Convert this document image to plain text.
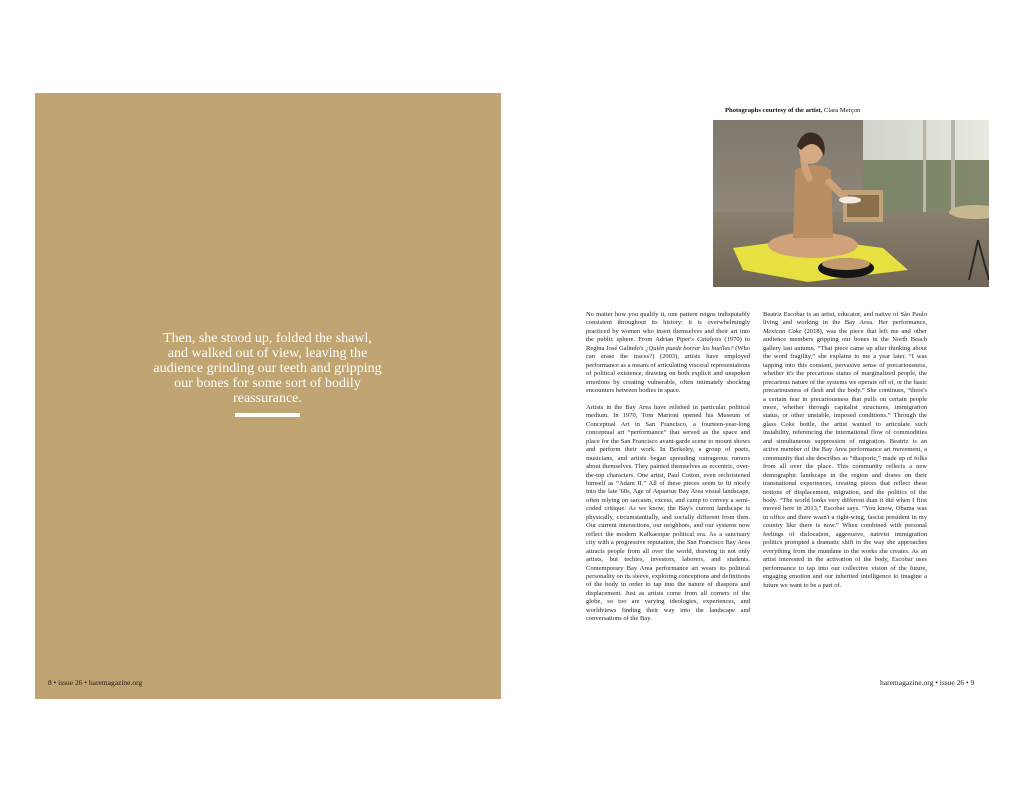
Then, she stood up, folded the shawl,
and walked out of view, leaving the
audience grinding our teeth and gripping
our bones for some sort of bodily
reassurance.
8 • issue 26 • haremagazine.org
Photographs courtesy of the artist, Clara Merçon

No matter how you qualify it, one pattern reigns indisputably consistent throughout its history: it is overwhelmingly practiced by women who insert themselves and their art into the public sphere. From Adrian Piper's Catalysis (1970) to Regina José Galindo's ¿Quién puede borrar las huellas? (Who can erase the traces?) (2003), artists have employed performance as a means of articulating visceral representations of political existence, drawing on both explicit and unspoken emotions by creating vulnerable, often intimately shocking encounters between bodies in space.

Artists in the Bay Area have relished in particular political medium. In 1970, Tom Marioni opened his Museum of Conceptual Art in San Francisco, a fourteen-year-long conceptual art “performance” that served as the space and place for the San Francisco avant-garde scene to mount shows and perform their work. In Berkeley, a group of poets, musicians, and artists began spreading outrageous rumors about themselves. They painted themselves as eccentric, over-the-top characters. One artist, Paul Cotton, even rechristened himself as “Adam II.” All of these pieces seem to fit nicely into the late '60s, Age of Aquarius Bay Area visual landscape, often relying on sarcasm, excess, and camp to convey a semi-coded critique. As we know, the Bay's current landscape is physically, circumstantially, and socially different from then. Our current interactions, our neighbors, and our systems now reflect the modern Kafkaesque political era. As a sanctuary city with a progressive reputation, the San Francisco Bay Area attracts people from all over the world, drawing in not only artists, but techies, investors, laborers, and students. Contemporary Bay Area performance art wears its political personality on its sleeve, exploring conceptions and definitions of the body in order to tap into the nature of diaspora and displacement. Just as artists come from all corners of the globe, so too are varying ideologies, experiences, and worldviews finding their way into the landscape and conversations of the Bay.

Beatriz Escobar is an artist, educator, and native of São Paulo living and working in the Bay Area. Her performance, Mexican Coke (2018), was the piece that left me and other audience members gripping our bones in the North Beach gallery last autumn. “That piece came up after thinking about the word fragility,” she explains to me a year later. “I was tapping into this constant, pervasive sense of precariousness, whether it's the precarious status of marginalized people, the precarious nature of the systems we operate off of, or the basic precariousness of flesh and the body.” She continues, “there's a certain fear in precariousness that pulls on certain people more, whether through capitalist structures, immigration status, or other unstable, imposed conditions.” Through the glass Coke bottle, the artist wanted to articulate such instability, referencing the international flow of commodities and simultaneous suppression of migration. Beatriz is an active member of the Bay Area performance art movement, a community that she describes as “diasporic,” made up of folks from all over the place. This community reflects a new demographic landscape in the region and draws on their transnational experiences, creating pieces that reflect these notions of displacement, migration, and the politics of the body. “The world looks very different than it did when I first moved here in 2013,” Escobar says. “You know, Obama was in office and there wasn't a right-wing, fascist president in my country like there is now.” When combined with personal feelings of dislocation, aggressive, nativist immigration politics prompted a dramatic shift in the way she approaches everything from the mundane to the works she creates. As an artist interested in the activation of the body, Escobar uses performance to tap into our collective vision of the future, engaging emotion and our inherited intelligence to imagine a future we want to be a part of.

haremagazine.org • issue 26 • 9
